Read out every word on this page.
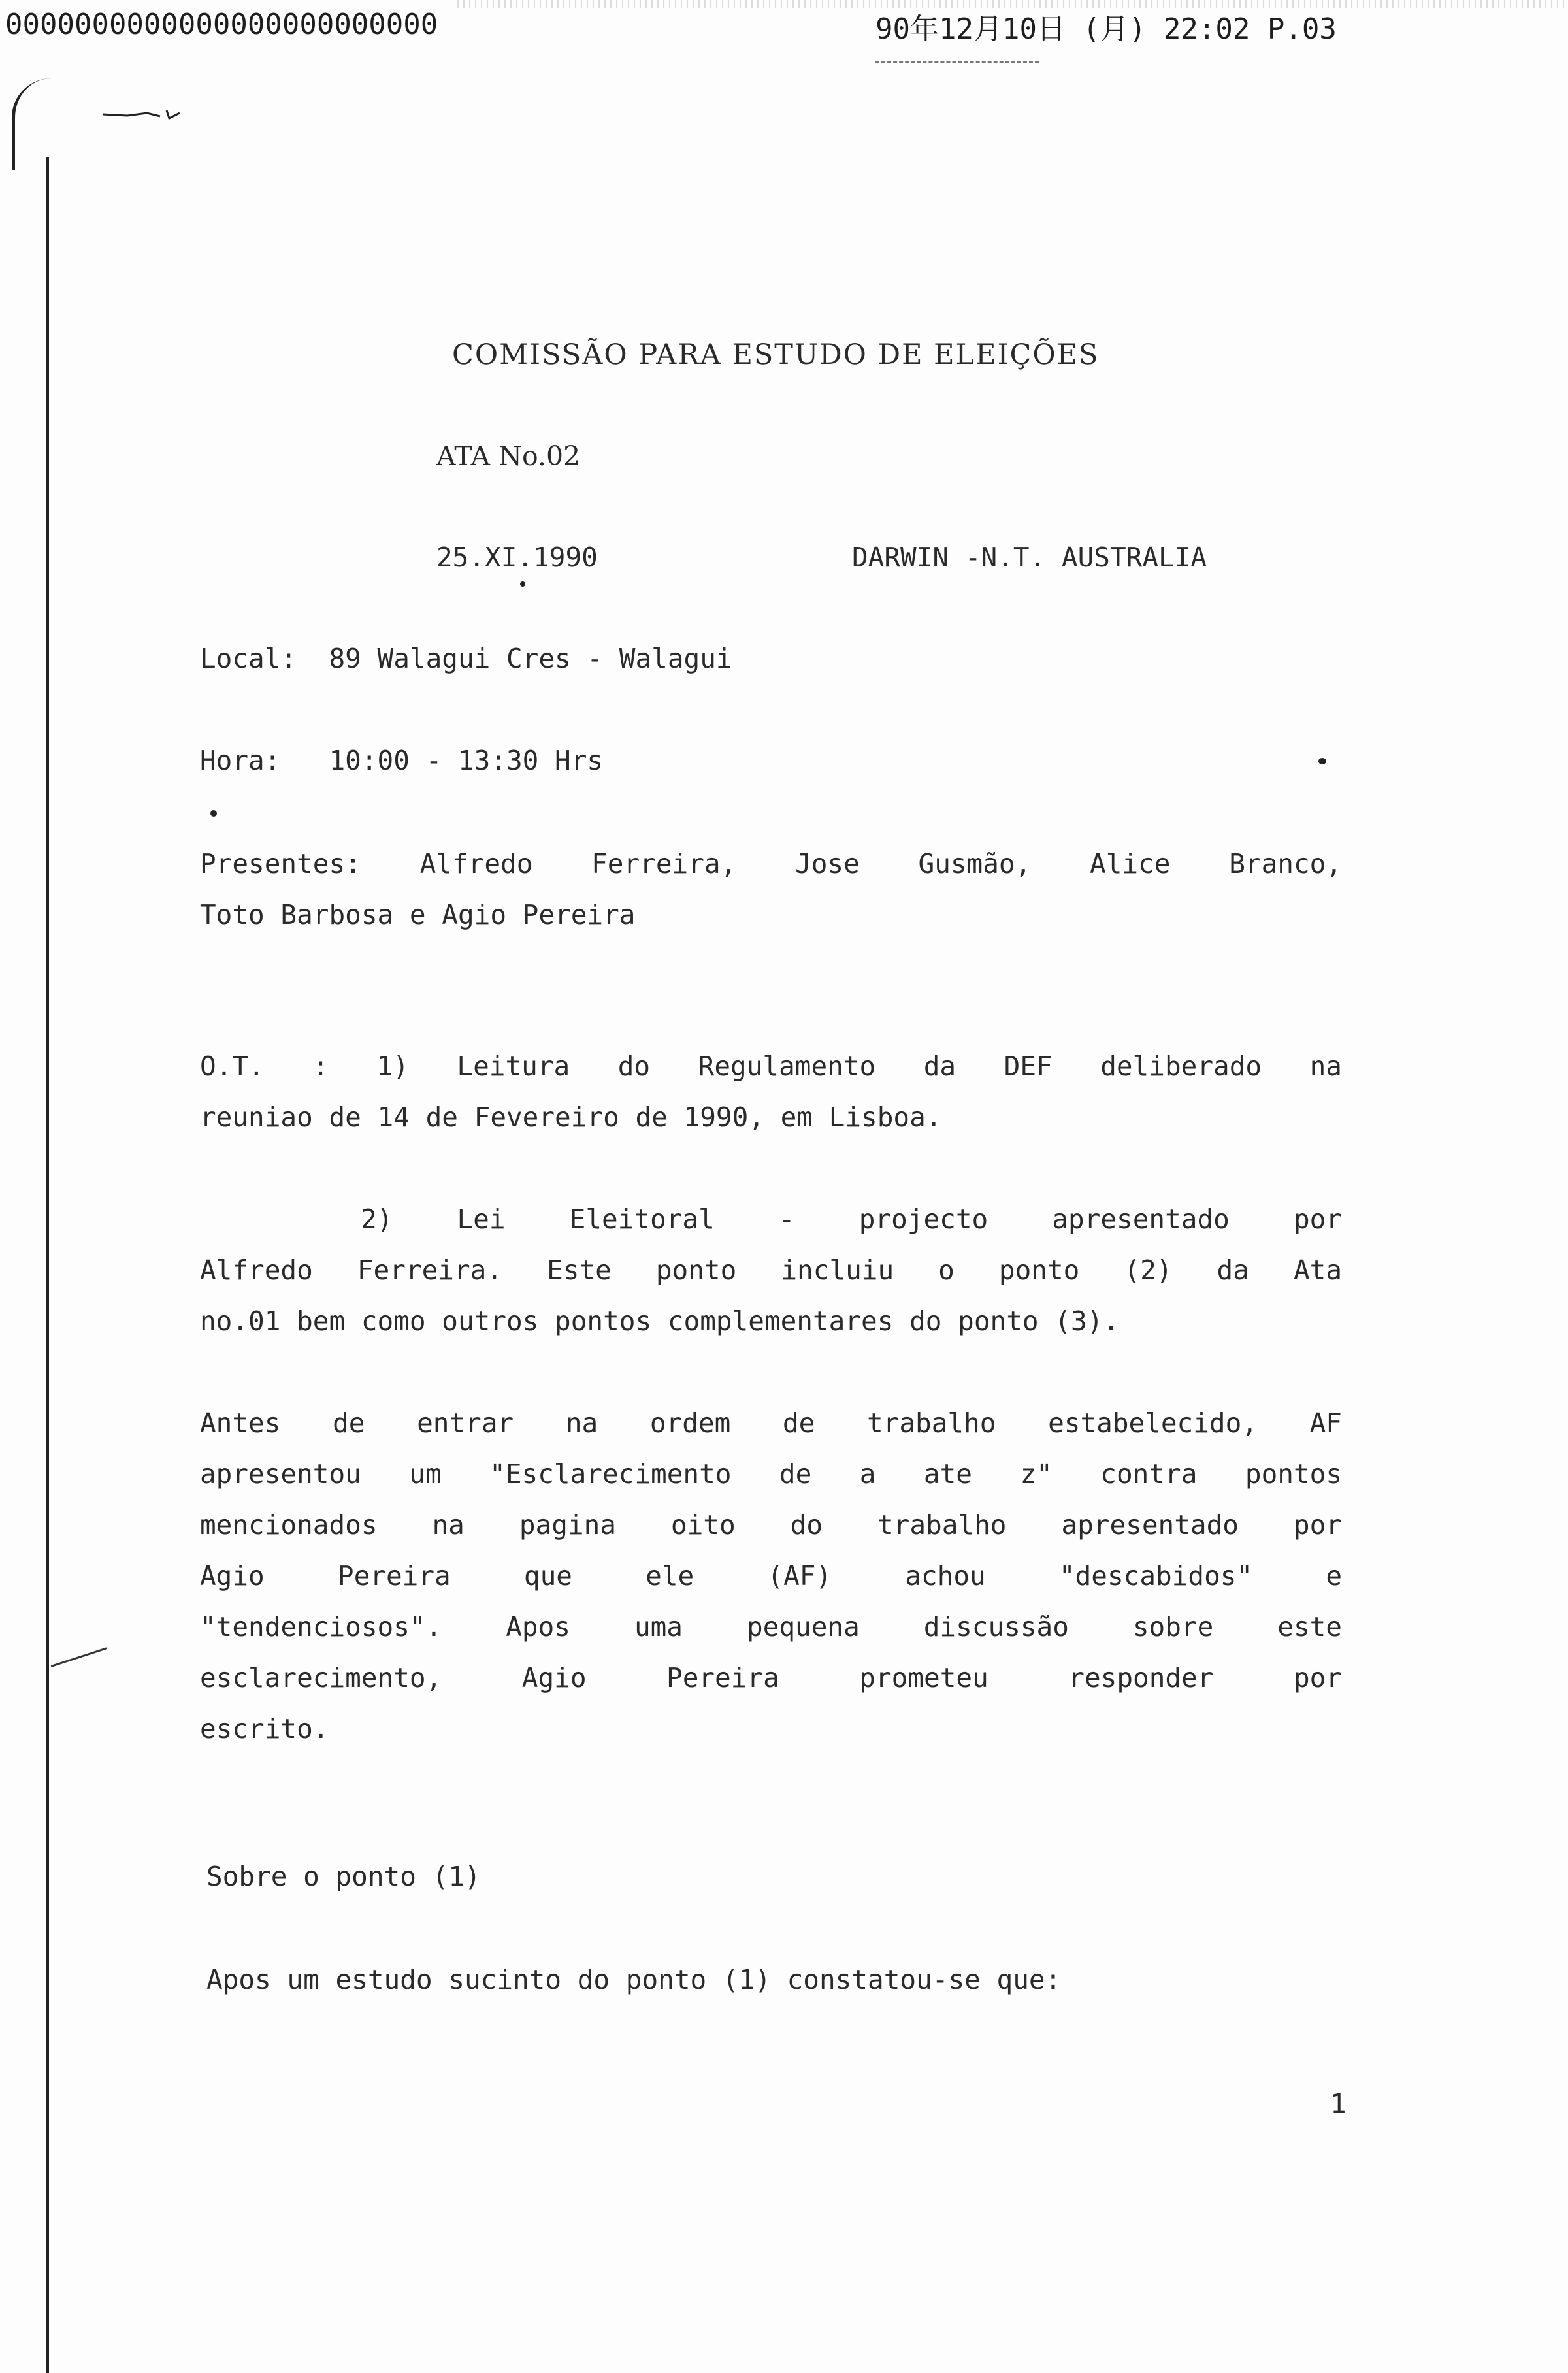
0000000000000000000000000	90年12月10日 (月) 22:02 P.03
COMISSÃO PARA ESTUDO DE ELEIÇÕES
ATA No.02
25.XI.1990	DARWIN -N.T. AUSTRALIA
Local:  89 Walagui Cres - Walagui
Hora:   10:00 - 13:30 Hrs
Presentes: Alfredo Ferreira, Jose Gusmão, Alice Branco,
Toto Barbosa e Agio Pereira
O.T. : 1) Leitura do Regulamento da DEF deliberado na
reuniao de 14 de Fevereiro de 1990, em Lisboa.
2) Lei Eleitoral - projecto apresentado por
Alfredo Ferreira. Este ponto incluiu o ponto (2) da Ata
no.01 bem como outros pontos complementares do ponto (3).
Antes de entrar na ordem de trabalho estabelecido, AF
apresentou um "Esclarecimento de a ate z" contra pontos
mencionados na pagina oito do trabalho apresentado por
Agio Pereira que ele (AF) achou "descabidos" e
"tendenciosos". Apos uma pequena discussão sobre este
esclarecimento, Agio Pereira prometeu responder por
escrito.
Sobre o ponto (1)
Apos um estudo sucinto do ponto (1) constatou-se que:
1
